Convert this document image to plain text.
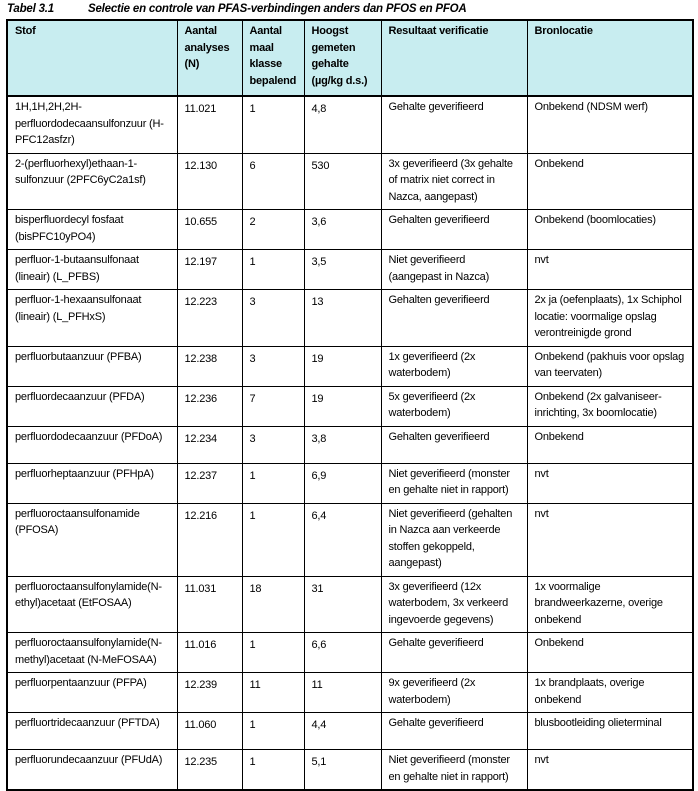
Tabel 3.1	Selectie en controle van PFAS-verbindingen anders dan PFOS en PFOA

Stof	Aantal analyses (N)	Aantal maal klasse bepalend	Hoogst gemeten gehalte (µg/kg d.s.)	Resultaat verificatie	Bronlocatie
1H,1H,2H,2H-perfluordodecaansulfonzuur (H-PFC12asfzr)	11.021	1	4,8	Gehalte geverifieerd	Onbekend (NDSM werf)
2-(perfluorhexyl)ethaan-1-sulfonzuur (2PFC6yC2a1sf)	12.130	6	530	3x geverifieerd (3x gehalte of matrix niet correct in Nazca, aangepast)	Onbekend
bisperfluordecyl fosfaat (bisPFC10yPO4)	10.655	2	3,6	Gehalten geverifieerd	Onbekend (boomlocaties)
perfluor-1-butaansulfonaat (lineair) (L_PFBS)	12.197	1	3,5	Niet geverifieerd (aangepast in Nazca)	nvt
perfluor-1-hexaansulfonaat (lineair) (L_PFHxS)	12.223	3	13	Gehalten geverifieerd	2x ja (oefenplaats), 1x Schiphol locatie: voormalige opslag verontreinigde grond
perfluorbutaanzuur (PFBA)	12.238	3	19	1x geverifieerd (2x waterbodem)	Onbekend (pakhuis voor opslag van teervaten)
perfluordecaanzuur (PFDA)	12.236	7	19	5x geverifieerd (2x waterbodem)	Onbekend (2x galvaniseer-inrichting, 3x boomlocatie)
perfluordodecaanzuur (PFDoA)	12.234	3	3,8	Gehalten geverifieerd	Onbekend
perfluorheptaanzuur (PFHpA)	12.237	1	6,9	Niet geverifieerd (monster en gehalte niet in rapport)	nvt
perfluoroctaansulfonamide (PFOSA)	12.216	1	6,4	Niet geverifieerd (gehalten in Nazca aan verkeerde stoffen gekoppeld, aangepast)	nvt
perfluoroctaansulfonylamide(N-ethyl)acetaat (EtFOSAA)	11.031	18	31	3x geverifieerd (12x waterbodem, 3x verkeerd ingevoerde gegevens)	1x voormalige brandweerkazerne, overige onbekend
perfluoroctaansulfonylamide(N-methyl)acetaat (N-MeFOSAA)	11.016	1	6,6	Gehalte geverifieerd	Onbekend
perfluorpentaanzuur (PFPA)	12.239	11	11	9x geverifieerd (2x waterbodem)	1x brandplaats, overige onbekend
perfluortridecaanzuur (PFTDA)	11.060	1	4,4	Gehalte geverifieerd	blusbootleiding olieterminal
perfluorundecaanzuur (PFUdA)	12.235	1	5,1	Niet geverifieerd (monster en gehalte niet in rapport)	nvt
